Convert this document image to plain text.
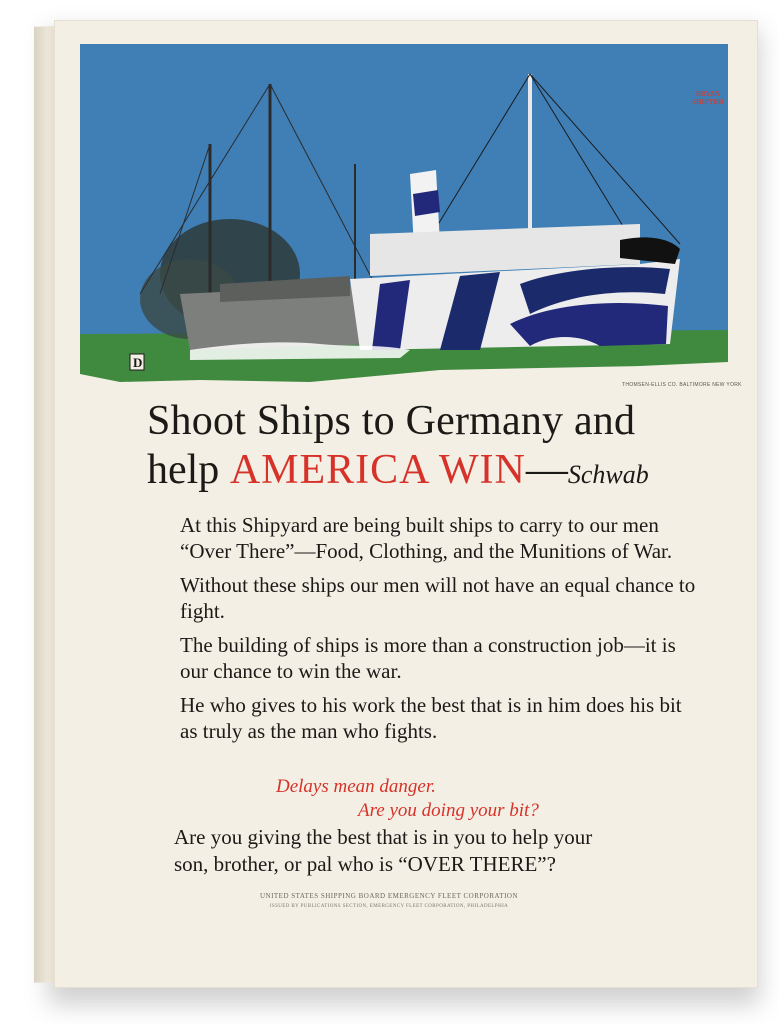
D
BRYAN
SHIPYRD
THOMSEN-ELLIS CO. BALTIMORE NEW YORK
Shoot Ships to Germany and
help AMERICA WIN—Schwab

At this Shipyard are being built ships to carry to our men “Over There”—Food, Clothing, and the Munitions of War.

Without these ships our men will not have an equal chance to fight.

The building of ships is more than a construction job—it is our chance to win the war.

He who gives to his work the best that is in him does his bit as truly as the man who fights.

Delays mean danger.
Are you doing your bit?
Are you giving the best that is in you to help your
son, brother, or pal who is “OVER THERE”?
UNITED STATES SHIPPING BOARD EMERGENCY FLEET CORPORATION
ISSUED BY PUBLICATIONS SECTION, EMERGENCY FLEET CORPORATION, PHILADELPHIA
